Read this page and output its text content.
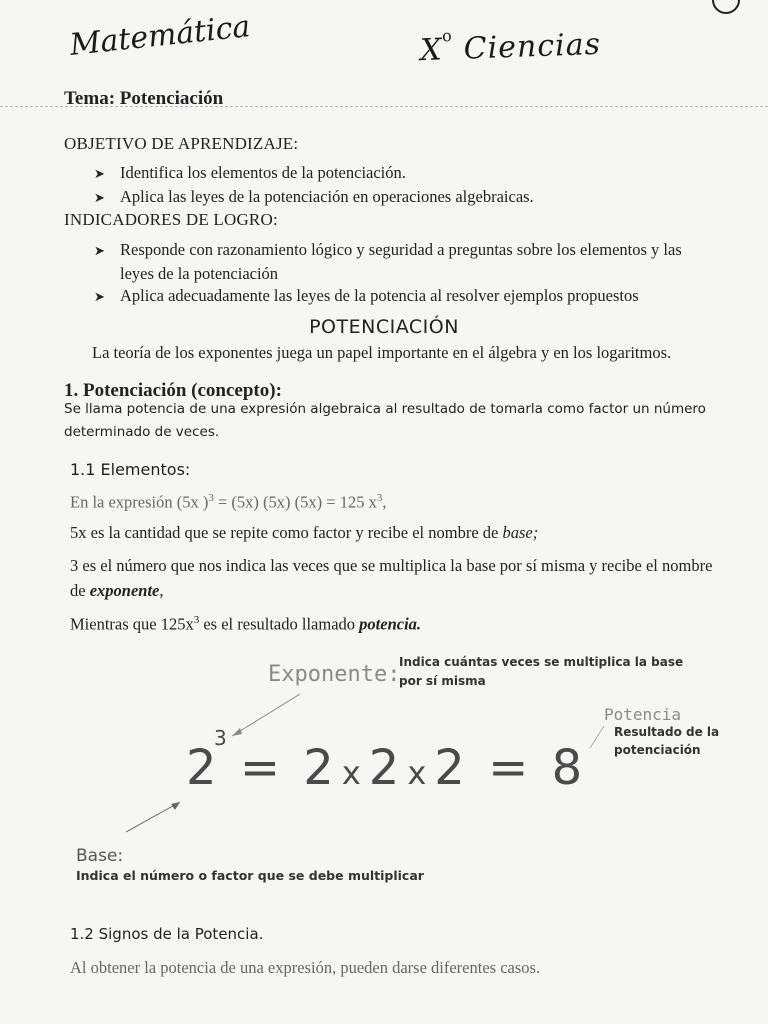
Matemática	$X^o$ Ciencias
Tema: Potenciación
OBJETIVO DE APRENDIZAJE:
➤ Identifica los elementos de la potenciación.
➤ Aplica las leyes de la potenciación en operaciones algebraicas.
INDICADORES DE LOGRO:
➤ Responde con razonamiento lógico y seguridad a preguntas sobre los elementos y las
leyes de la potenciación
➤ Aplica adecuadamente las leyes de la potencia al resolver ejemplos propuestos
POTENCIACIÓN
La teoría de los exponentes juega un papel importante en el álgebra y en los logaritmos.
1. Potenciación (concepto):
Se llama potencia de una expresión algebraica al resultado de tomarla como factor un número
determinado de veces.
1.1 Elementos:
En la expresión (5x )$^3$ = (5x) (5x) (5x) = 125 $x^3$,
5x es la cantidad que se repite como factor y recibe el nombre de base;
3 es el número que nos indica las veces que se multiplica la base por sí misma y recibe el nombre
de exponente,
Mientras que $125x^3$ es el resultado llamado potencia.
Exponente:
Indica cuántas veces se multiplica la base
por sí misma
Potencia
Resultado de la
potenciación
2
3
= 2 x2 x2 = 8
Base:
Indica el número o factor que se debe multiplicar
1.2 Signos de la Potencia.
Al obtener la potencia de una expresión, pueden darse diferentes casos.
